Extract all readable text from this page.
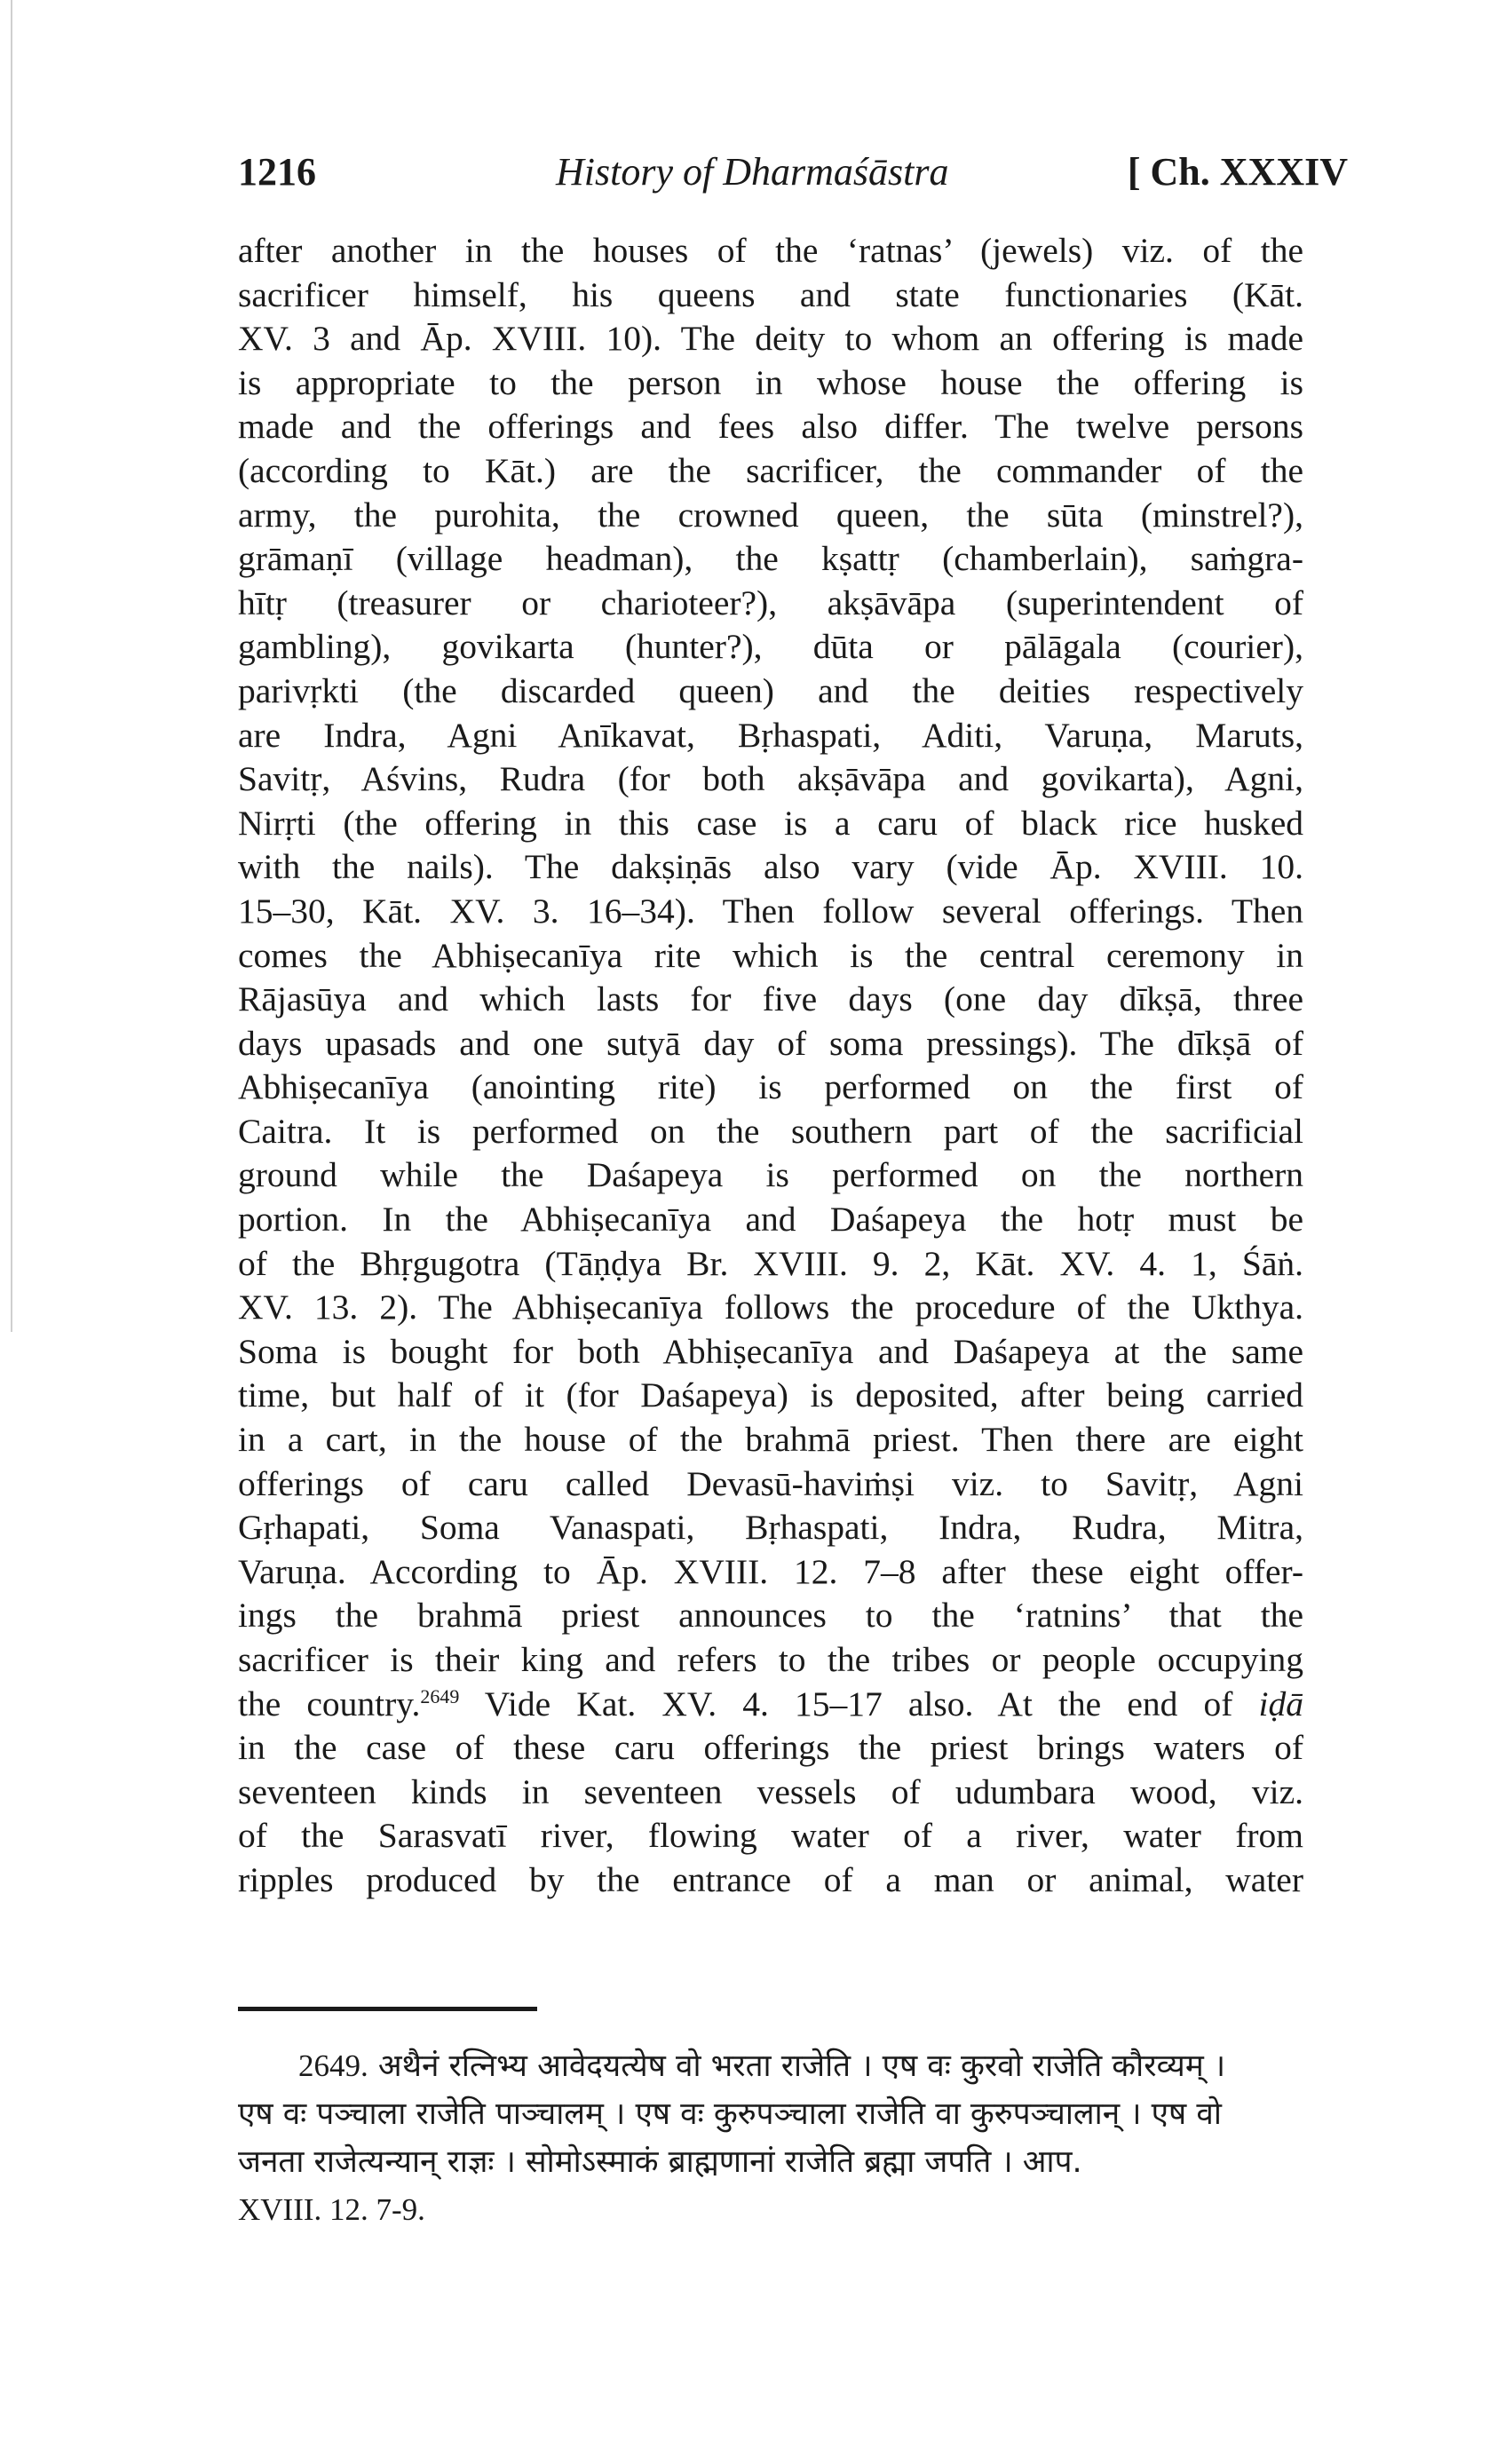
1216	History of Dharmaśāstra	[ Ch. XXXIV
after another in the houses of the ‘ratnas’ (jewels) viz. of the
sacrificer himself, his queens and state functionaries (Kāt.
XV. 3 and Āp. XVIII. 10). The deity to whom an offering is made
is appropriate to the person in whose house the offering is
made and the offerings and fees also differ. The twelve persons
(according to Kāt.) are the sacrificer, the commander of the
army, the purohita, the crowned queen, the sūta (minstrel?),
grāmaṇī (village headman), the kṣattṛ (chamberlain), saṁgra-
hītṛ (treasurer or charioteer?), akṣāvāpa (superintendent of
gambling), govikarta (hunter?), dūta or pālāgala (courier),
parivṛkti (the discarded queen) and the deities respectively
are Indra, Agni Anīkavat, Bṛhaspati, Aditi, Varuṇa, Maruts,
Savitṛ, Aśvins, Rudra (for both akṣāvāpa and govikarta), Agni,
Nirṛti (the offering in this case is a caru of black rice husked
with the nails). The dakṣiṇās also vary (vide Āp. XVIII. 10.
15–30, Kāt. XV. 3. 16–34). Then follow several offerings. Then
comes the Abhiṣecanīya rite which is the central ceremony in
Rājasūya and which lasts for five days (one day dīkṣā, three
days upasads and one sutyā day of soma pressings). The dīkṣā of
Abhiṣecanīya (anointing rite) is performed on the first of
Caitra. It is performed on the southern part of the sacrificial
ground while the Daśapeya is performed on the northern
portion. In the Abhiṣecanīya and Daśapeya the hotṛ must be
of the Bhṛgugotra (Tāṇḍya Br. XVIII. 9. 2, Kāt. XV. 4. 1, Śāṅ.
XV. 13. 2). The Abhiṣecanīya follows the procedure of the Ukthya.
Soma is bought for both Abhiṣecanīya and Daśapeya at the same
time, but half of it (for Daśapeya) is deposited, after being carried
in a cart, in the house of the brahmā priest. Then there are eight
offerings of caru called Devasū-haviṁṣi viz. to Savitṛ, Agni
Gṛhapati, Soma Vanaspati, Bṛhaspati, Indra, Rudra, Mitra,
Varuṇa. According to Āp. XVIII. 12. 7–8 after these eight offer-
ings the brahmā priest announces to the ‘ratnins’ that the
sacrificer is their king and refers to the tribes or people occupying
the country.$^{2649}$ Vide Kat. XV. 4. 15–17 also. At the end of iḍā
in the case of these caru offerings the priest brings waters of
seventeen kinds in seventeen vessels of udumbara wood, viz.
of the Sarasvatī river, flowing water of a river, water from
ripples produced by the entrance of a man or animal, water
2649. अथैनं रत्निभ्य आवेदयत्येष वो भरता राजेति । एष वः कुरवो राजेति कौरव्यम् ।
एष वः पञ्चाला राजेति पाञ्चालम् । एष वः कुरुपञ्चाला राजेति वा कुरुपञ्चालान् । एष वो
जनता राजेत्यन्यान् राज्ञः । सोमोऽस्माकं ब्राह्मणानां राजेति ब्रह्मा जपति । आप.
XVIII. 12. 7-9.
